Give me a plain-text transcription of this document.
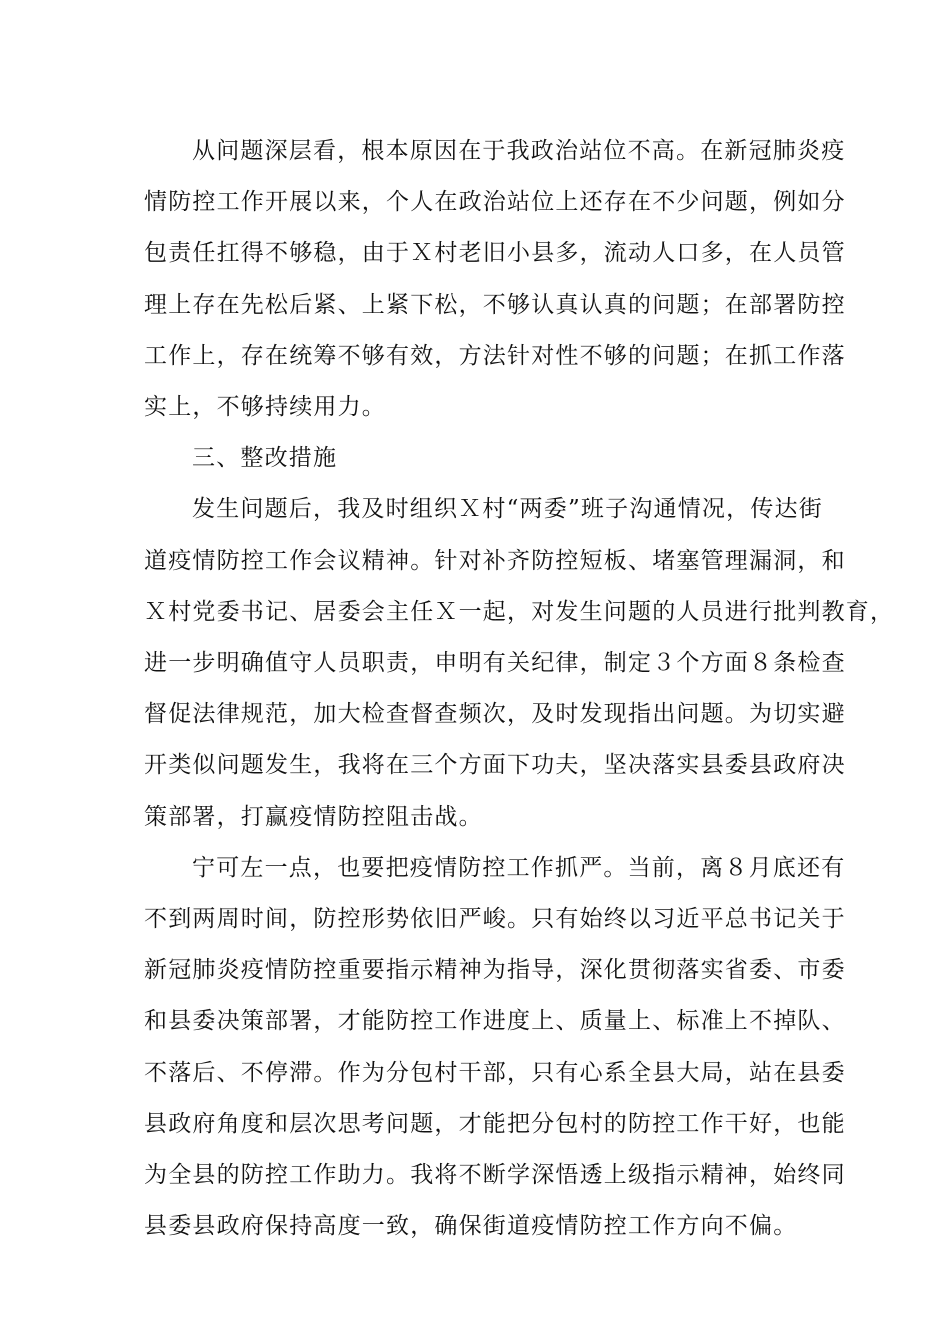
从问题深层看，根本原因在于我政治站位不高。在新冠肺炎疫
情防控工作开展以来，个人在政治站位上还存在不少问题，例如分
包责任扛得不够稳，由于Ｘ村老旧小县多，流动人口多，在人员管
理上存在先松后紧、上紧下松，不够认真认真的问题；在部署防控
工作上，存在统筹不够有效，方法针对性不够的问题；在抓工作落
实上，不够持续用力。
三、整改措施
发生问题后，我及时组织Ｘ村“两委”班子沟通情况，传达街
道疫情防控工作会议精神。针对补齐防控短板、堵塞管理漏洞，和
Ｘ村党委书记、居委会主任Ｘ一起，对发生问题的人员进行批判教育，
进一步明确值守人员职责，申明有关纪律，制定３个方面８条检查
督促法律规范，加大检查督查频次，及时发现指出问题。为切实避
开类似问题发生，我将在三个方面下功夫，坚决落实县委县政府决
策部署，打赢疫情防控阻击战。
宁可左一点，也要把疫情防控工作抓严。当前，离８月底还有
不到两周时间，防控形势依旧严峻。只有始终以习近平总书记关于
新冠肺炎疫情防控重要指示精神为指导，深化贯彻落实省委、市委
和县委决策部署，才能防控工作进度上、质量上、标准上不掉队、
不落后、不停滞。作为分包村干部，只有心系全县大局，站在县委
县政府角度和层次思考问题，才能把分包村的防控工作干好，也能
为全县的防控工作助力。我将不断学深悟透上级指示精神，始终同
县委县政府保持高度一致，确保街道疫情防控工作方向不偏。
